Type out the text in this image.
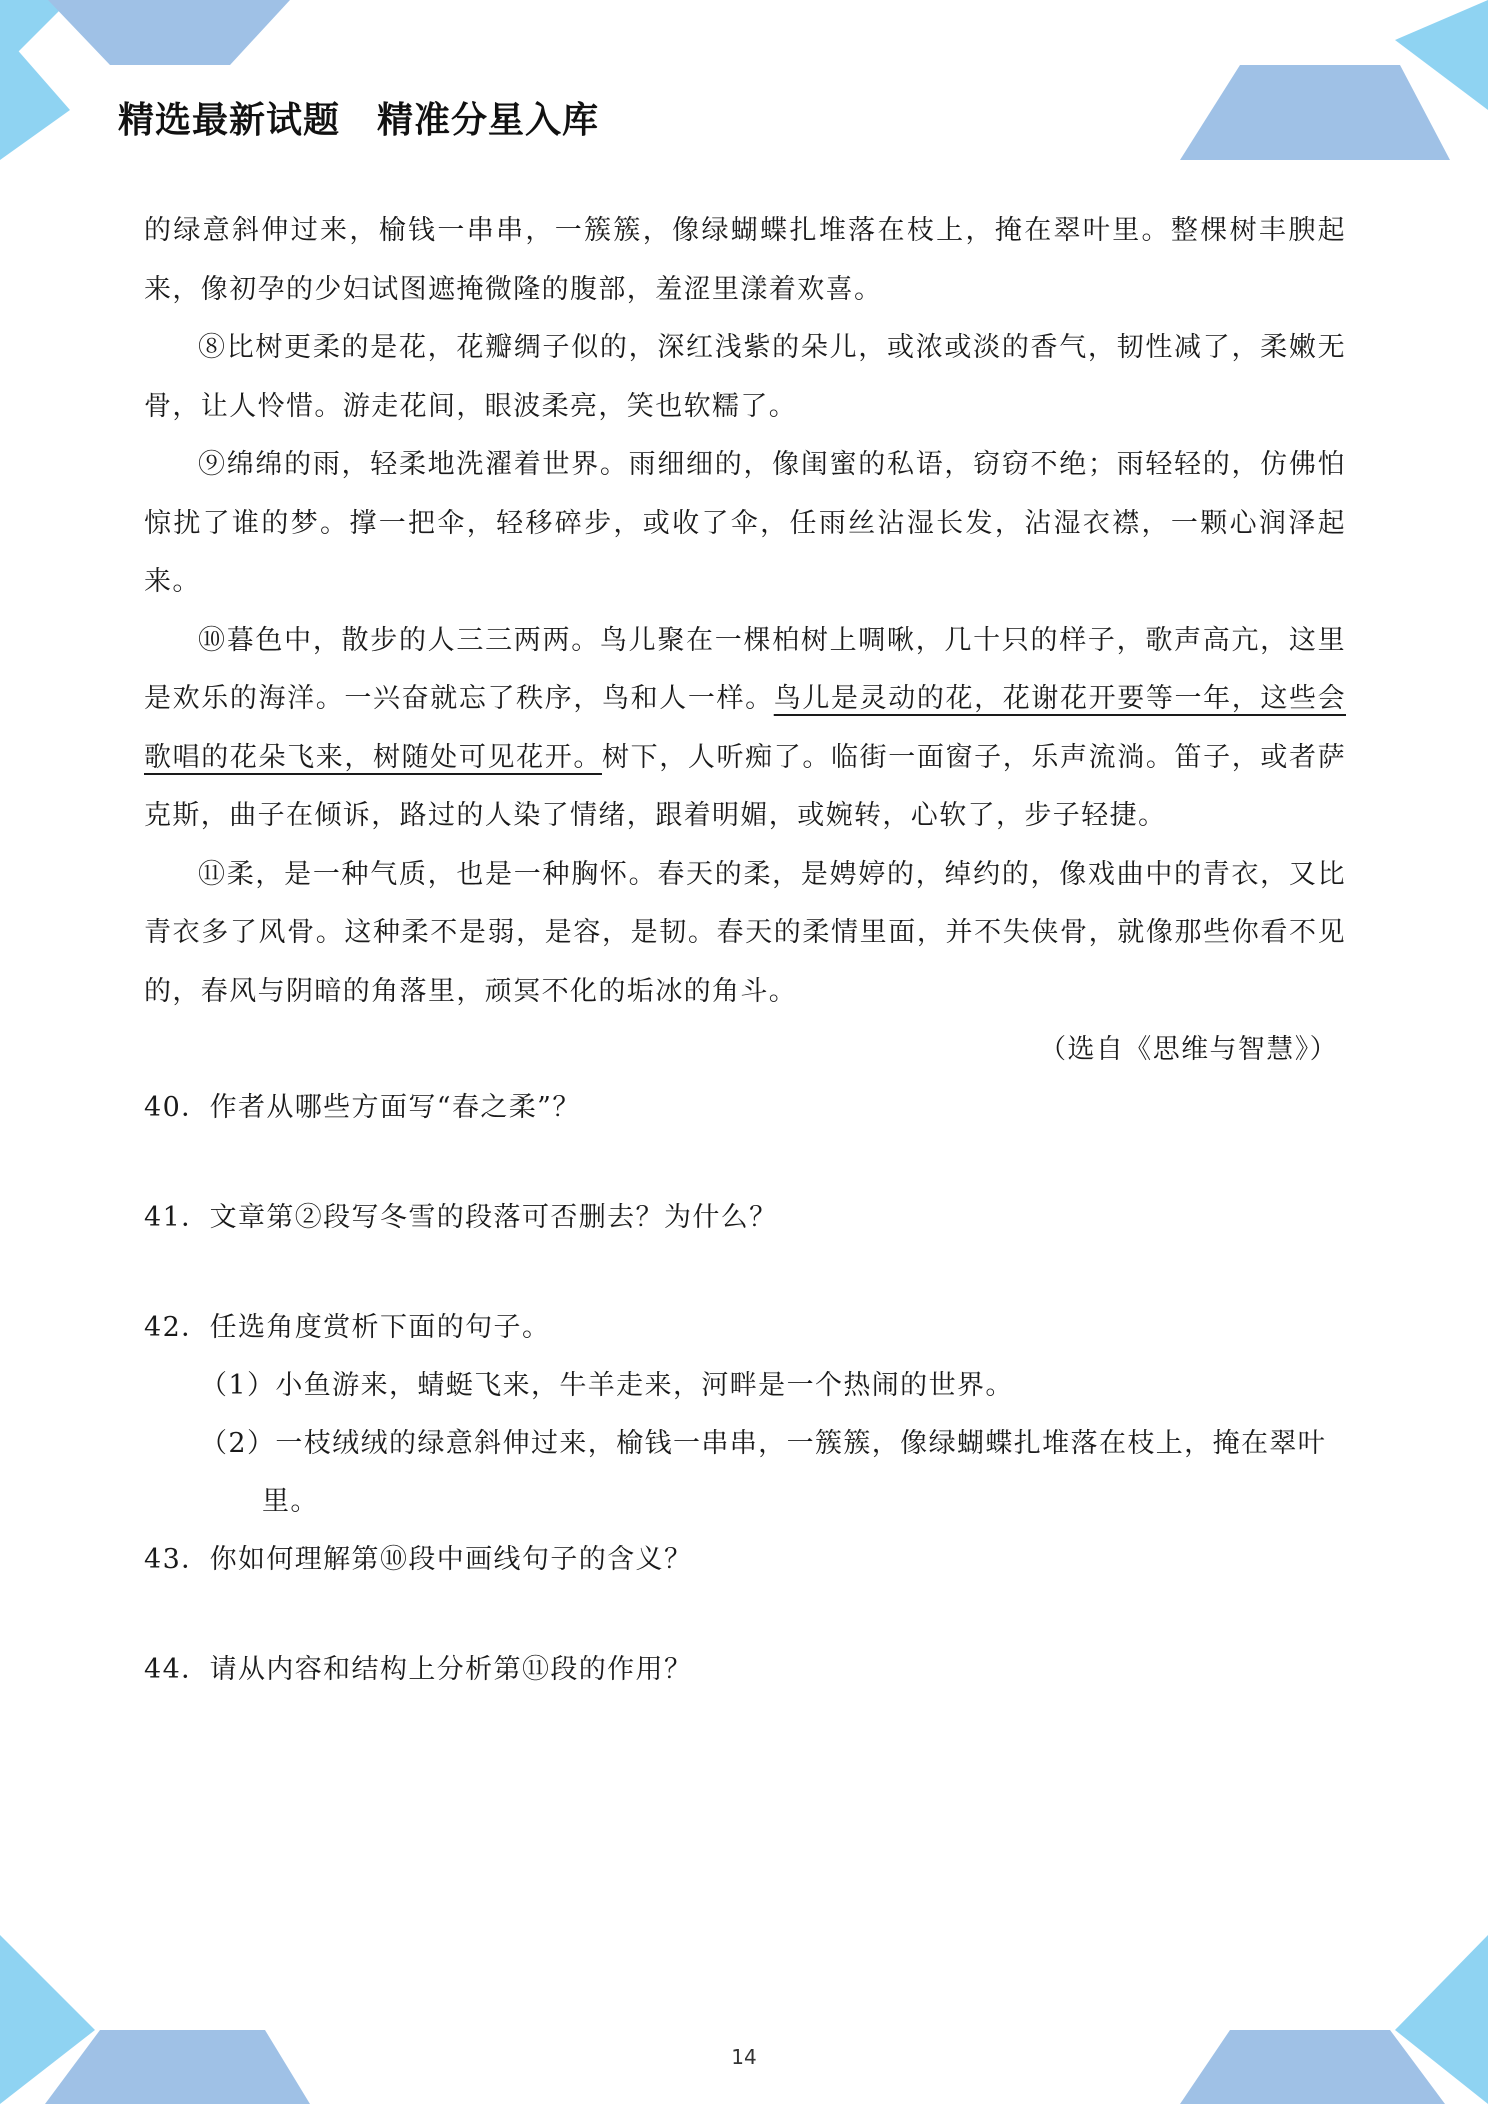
精选最新试题　精准分星入库

的绿意斜伸过来，榆钱一串串，一簇簇，像绿蝴蝶扎堆落在枝上，掩在翠叶里。整棵树丰腴起来，像初孕的少妇试图遮掩微隆的腹部，羞涩里漾着欢喜。

⑧比树更柔的是花，花瓣绸子似的，深红浅紫的朵儿，或浓或淡的香气，韧性减了，柔嫩无骨，让人怜惜。游走花间，眼波柔亮，笑也软糯了。

⑨绵绵的雨，轻柔地洗濯着世界。雨细细的，像闺蜜的私语，窃窃不绝；雨轻轻的，仿佛怕惊扰了谁的梦。撑一把伞，轻移碎步，或收了伞，任雨丝沾湿长发，沾湿衣襟，一颗心润泽起来。

⑩暮色中，散步的人三三两两。鸟儿聚在一棵柏树上啁啾，几十只的样子，歌声高亢，这里是欢乐的海洋。一兴奋就忘了秩序，鸟和人一样。鸟儿是灵动的花，花谢花开要等一年，这些会歌唱的花朵飞来，树随处可见花开。树下，人听痴了。临街一面窗子，乐声流淌。笛子，或者萨克斯，曲子在倾诉，路过的人染了情绪，跟着明媚，或婉转，心软了，步子轻捷。

⑪柔，是一种气质，也是一种胸怀。春天的柔，是娉婷的，绰约的，像戏曲中的青衣，又比青衣多了风骨。这种柔不是弱，是容，是韧。春天的柔情里面，并不失侠骨，就像那些你看不见的，春风与阴暗的角落里，顽冥不化的垢冰的角斗。

（选自《思维与智慧》）

40．作者从哪些方面写“春之柔”？

41．文章第②段写冬雪的段落可否删去？为什么？

42．任选角度赏析下面的句子。

（1）小鱼游来，蜻蜓飞来，牛羊走来，河畔是一个热闹的世界。

（2）一枝绒绒的绿意斜伸过来，榆钱一串串，一簇簇，像绿蝴蝶扎堆落在枝上，掩在翠叶里。

43．你如何理解第⑩段中画线句子的含义？

44．请从内容和结构上分析第⑪段的作用？

14
